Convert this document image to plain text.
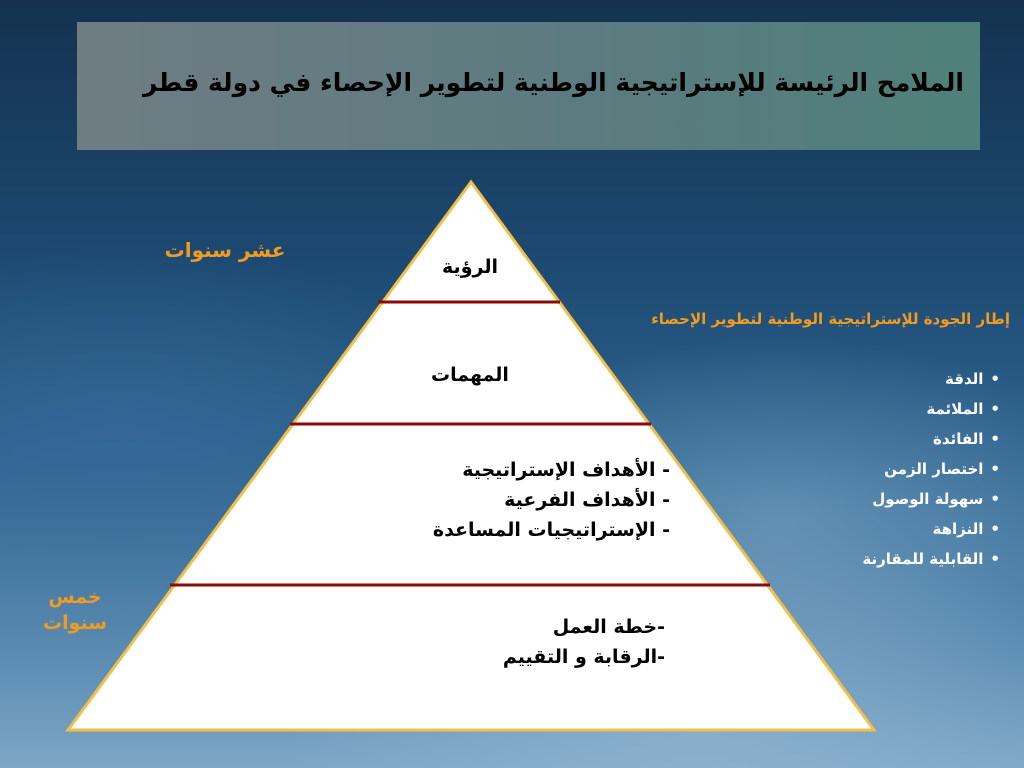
الملامح الرئيسة للإستراتيجية الوطنية لتطوير الإحصاء في دولة قطر
عشر سنوات
خمس
سنوات
الرؤية
المهمات
- الأهداف الإستراتيجية
- الأهداف الفرعية
- الإستراتيجيات المساعدة
-خطة العمل
-الرقابة و التقييم
إطار الجودة للإستراتيجية الوطنية لتطوير الإحصاء
•الدقة
•الملائمة
•الفائدة
•اختصار الزمن
•سهولة الوصول
•النزاهة
•القابلية للمقارنة
